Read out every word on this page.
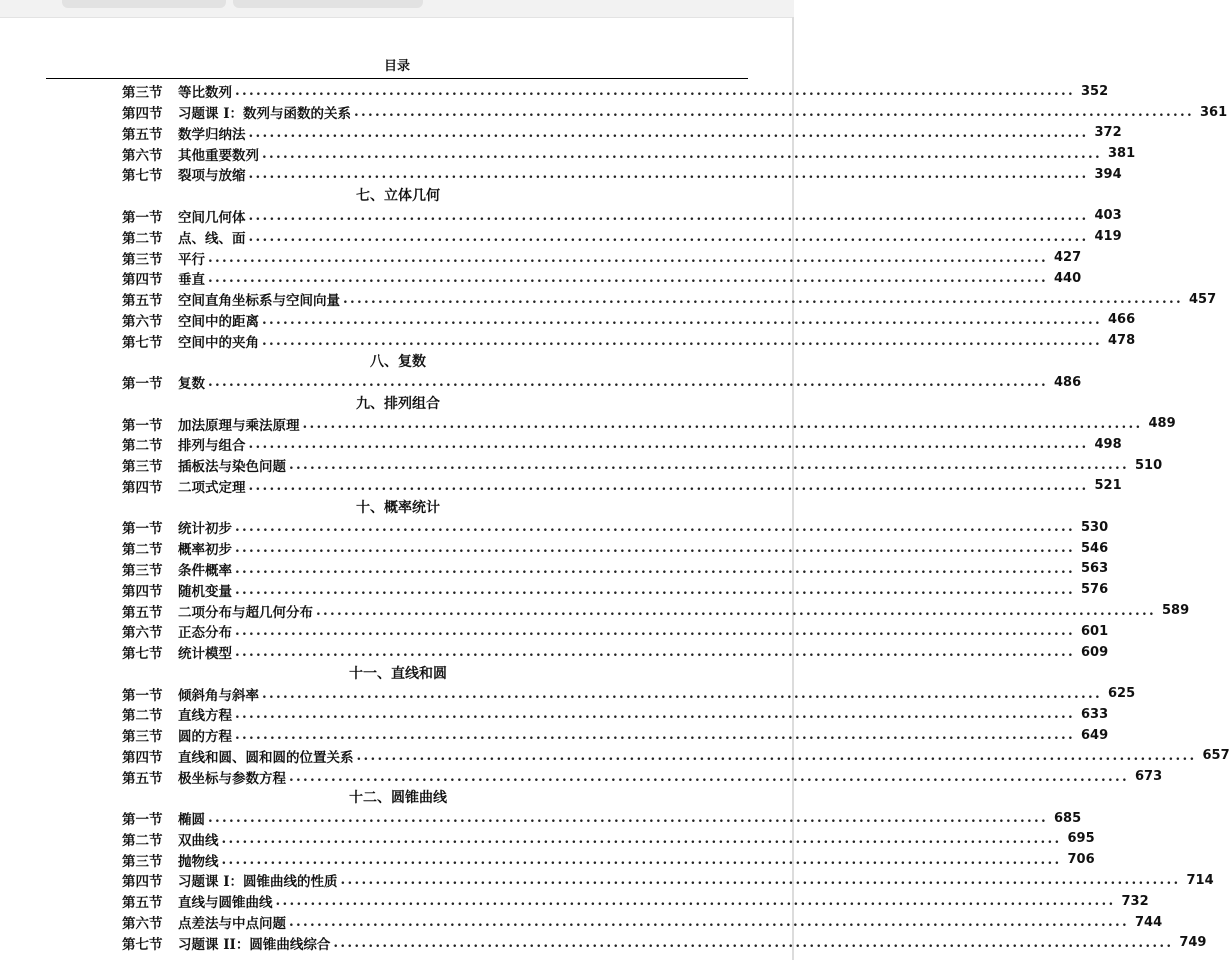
目录
第三节	等比数列 ........................................................................................................................ 352
第四节	习题课 I：数列与函数的关系 ........................................................................................................................ 361
第五节	数学归纳法 ........................................................................................................................ 372
第六节	其他重要数列 ........................................................................................................................ 381
第七节	裂项与放缩 ........................................................................................................................ 394
七、立体几何
第一节	空间几何体 ........................................................................................................................ 403
第二节	点、线、面 ........................................................................................................................ 419
第三节	平行 ........................................................................................................................ 427
第四节	垂直 ........................................................................................................................ 440
第五节	空间直角坐标系与空间向量 ........................................................................................................................ 457
第六节	空间中的距离 ........................................................................................................................ 466
第七节	空间中的夹角 ........................................................................................................................ 478
八、复数
第一节	复数 ........................................................................................................................ 486
九、排列组合
第一节	加法原理与乘法原理 ........................................................................................................................ 489
第二节	排列与组合 ........................................................................................................................ 498
第三节	插板法与染色问题 ........................................................................................................................ 510
第四节	二项式定理 ........................................................................................................................ 521
十、概率统计
第一节	统计初步 ........................................................................................................................ 530
第二节	概率初步 ........................................................................................................................ 546
第三节	条件概率 ........................................................................................................................ 563
第四节	随机变量 ........................................................................................................................ 576
第五节	二项分布与超几何分布 ........................................................................................................................ 589
第六节	正态分布 ........................................................................................................................ 601
第七节	统计模型 ........................................................................................................................ 609
十一、直线和圆
第一节	倾斜角与斜率 ........................................................................................................................ 625
第二节	直线方程 ........................................................................................................................ 633
第三节	圆的方程 ........................................................................................................................ 649
第四节	直线和圆、圆和圆的位置关系 ........................................................................................................................ 657
第五节	极坐标与参数方程 ........................................................................................................................ 673
十二、圆锥曲线
第一节	椭圆 ........................................................................................................................ 685
第二节	双曲线 ........................................................................................................................ 695
第三节	抛物线 ........................................................................................................................ 706
第四节	习题课 I：圆锥曲线的性质 ........................................................................................................................ 714
第五节	直线与圆锥曲线 ........................................................................................................................ 732
第六节	点差法与中点问题 ........................................................................................................................ 744
第七节	习题课 II：圆锥曲线综合 ........................................................................................................................ 749
